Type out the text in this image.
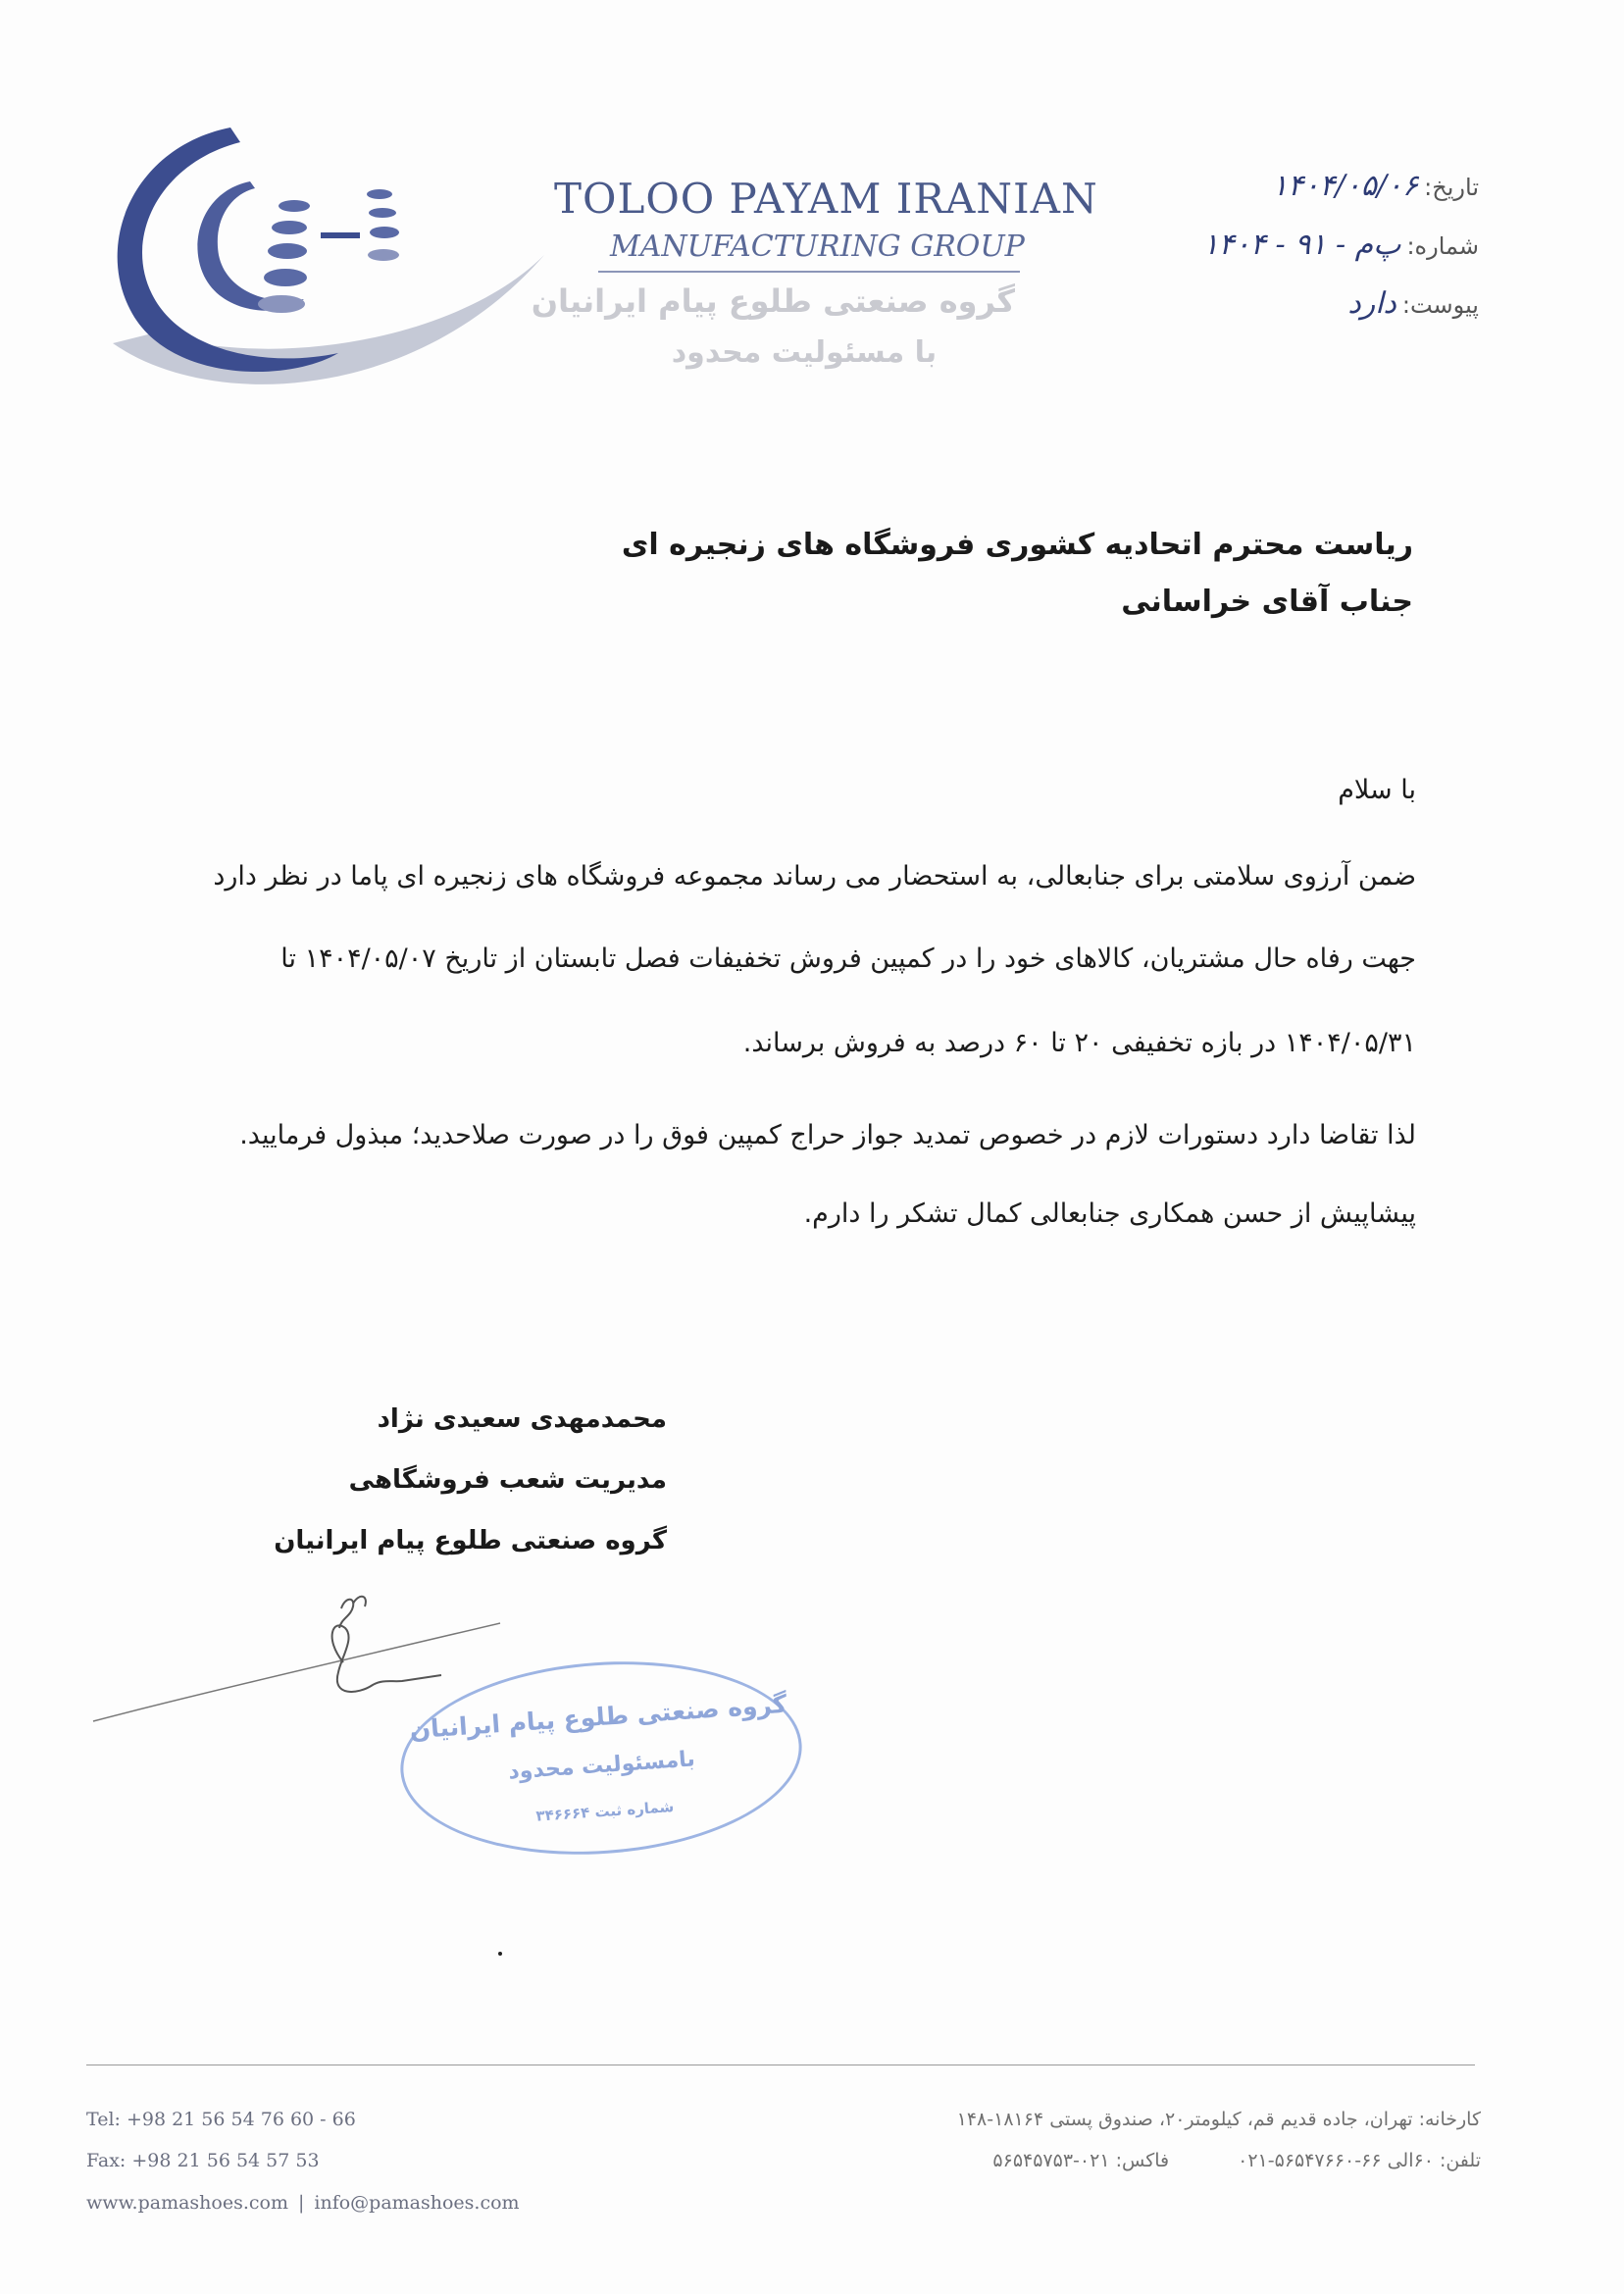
TOLOO PAYAM IRANIAN
MANUFACTURING GROUP
گروه صنعتی طلوع پیام ایرانیان
با مسئولیت محدود
تاریخ:۱۴۰۴/۰۵/۰۶
شماره:پ‌م - ۹۱ - ۱۴۰۴
پیوست:دارد
ریاست محترم اتحادیه کشوری فروشگاه های زنجیره ای
جناب آقای خراسانی
با سلام
ضمن آرزوی سلامتی برای جنابعالی، به استحضار می رساند مجموعه فروشگاه های زنجیره ای پاما در نظر دارد
جهت رفاه حال مشتریان، کالاهای خود را در کمپین فروش تخفیفات فصل تابستان از تاریخ ۱۴۰۴/۰۵/۰۷ تا
۱۴۰۴/۰۵/۳۱ در بازه تخفیفی ۲۰ تا ۶۰ درصد به فروش برساند.
لذا تقاضا دارد دستورات لازم در خصوص تمدید جواز حراج کمپین فوق را در صورت صلاحدید؛ مبذول فرمایید.
پیشاپیش از حسن همکاری جنابعالی کمال تشکر را دارم.
محمدمهدی سعیدی نژاد
مدیریت شعب فروشگاهی
گروه صنعتی طلوع پیام ایرانیان
گروه صنعتی طلوع پیام ایرانیان
بامسئولیت محدود
شماره ثبت ۳۴۶۶۶۴
Tel: +98 21 56 54 76 60 - 66
Fax: +98 21 56 54 57 53
www.pamashoes.com | info@pamashoes.com
کارخانه: تهران، جاده قدیم قم، کیلومتر۲۰، صندوق پستی ۱۸۱۶۴-۱۴۸
تلفن: ۶۰الی ۶۶-۵۶۵۴۷۶۶۰-۰۲۱فاکس: ۰۲۱-۵۶۵۴۵۷۵۳
